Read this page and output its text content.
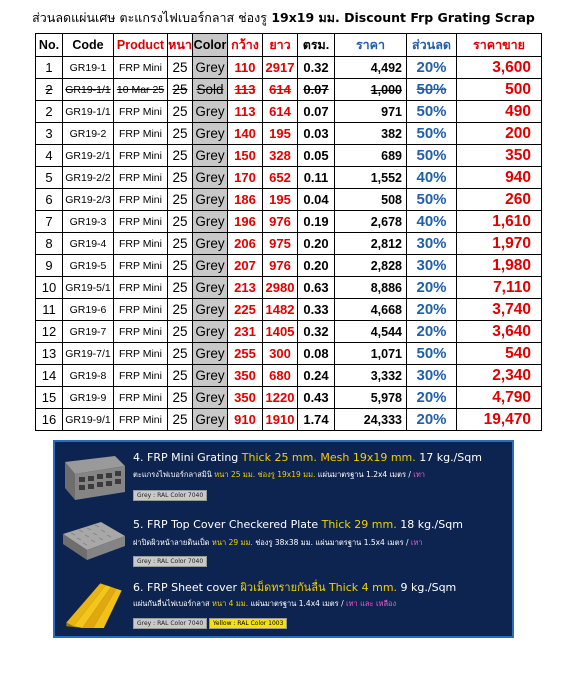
ส่วนลดแผ่นเศษ ตะแกรงไฟเบอร์กลาส ช่องรู 19x19 มม. Discount Frp Grating Scrap
No.	Code	Product	หนา	Color	กว้าง	ยาว	ตรม.	ราคา	ส่วนลด	ราคาขาย
1	GR19-1	FRP Mini	25	Grey	110	2917	0.32	4,492	20%	3,600
2	GR19-1/1	10 Mar 25	25	Sold	113	614	0.07	1,000	50%	500
2	GR19-1/1	FRP Mini	25	Grey	113	614	0.07	971	50%	490
3	GR19-2	FRP Mini	25	Grey	140	195	0.03	382	50%	200
4	GR19-2/1	FRP Mini	25	Grey	150	328	0.05	689	50%	350
5	GR19-2/2	FRP Mini	25	Grey	170	652	0.11	1,552	40%	940
6	GR19-2/3	FRP Mini	25	Grey	186	195	0.04	508	50%	260
7	GR19-3	FRP Mini	25	Grey	196	976	0.19	2,678	40%	1,610
8	GR19-4	FRP Mini	25	Grey	206	975	0.20	2,812	30%	1,970
9	GR19-5	FRP Mini	25	Grey	207	976	0.20	2,828	30%	1,980
10	GR19-5/1	FRP Mini	25	Grey	213	2980	0.63	8,886	20%	7,110
11	GR19-6	FRP Mini	25	Grey	225	1482	0.33	4,668	20%	3,740
12	GR19-7	FRP Mini	25	Grey	231	1405	0.32	4,544	20%	3,640
13	GR19-7/1	FRP Mini	25	Grey	255	300	0.08	1,071	50%	540
14	GR19-8	FRP Mini	25	Grey	350	680	0.24	3,332	30%	2,340
15	GR19-9	FRP Mini	25	Grey	350	1220	0.43	5,978	20%	4,790
16	GR19-9/1	FRP Mini	25	Grey	910	1910	1.74	24,333	20%	19,470
4. FRP Mini Grating Thick 25 mm. Mesh 19x19 mm. 17 kg./Sqm
ตะแกรงไฟเบอร์กลาสมินิ หนา 25 มม. ช่องรู 19x19 มม. แผ่นมาตรฐาน 1.2x4 เมตร / เทา
Grey : RAL Color 7040
5. FRP Top Cover Checkered Plate Thick 29 mm. 18 kg./Sqm
ฝาปิดผิวหน้าลายดินเป็ด หนา 29 มม. ช่องรู 38x38 มม. แผ่นมาตรฐาน 1.5x4 เมตร / เทา
Grey : RAL Color 7040
6. FRP Sheet cover ผิวเม็ดทรายกันลื่น Thick 4 mm. 9 kg./Sqm
แผ่นกันลื่นไฟเบอร์กลาส หนา 4 มม. แผ่นมาตรฐาน 1.4x4 เมตร / เทา และ เหลือง
Grey : RAL Color 7040	Yellow : RAL Color 1003
